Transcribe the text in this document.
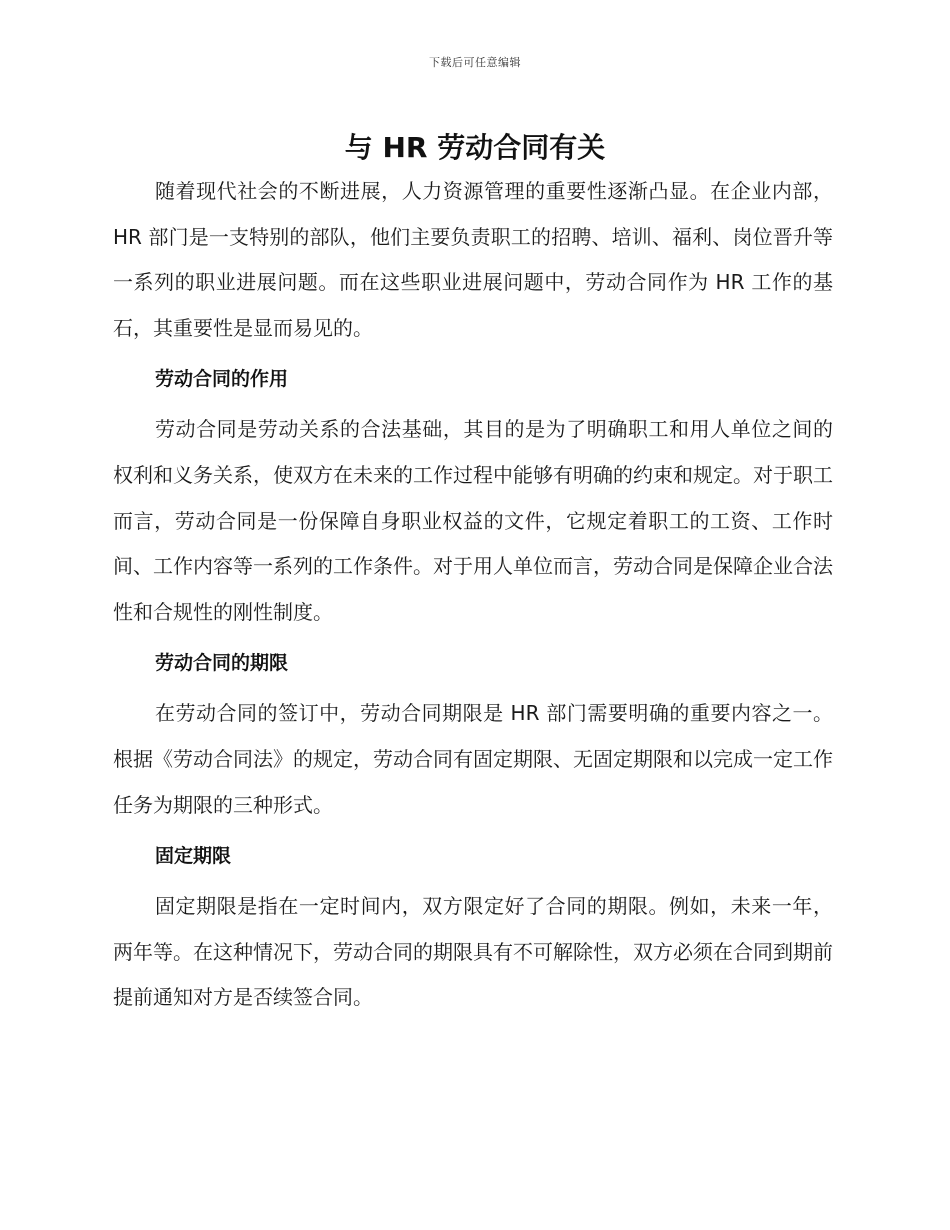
下载后可任意编辑
与 HR 劳动合同有关

随着现代社会的不断进展，人力资源管理的重要性逐渐凸显。在企业内部，HR 部门是一支特别的部队，他们主要负责职工的招聘、培训、福利、岗位晋升等一系列的职业进展问题。而在这些职业进展问题中，劳动合同作为 HR 工作的基石，其重要性是显而易见的。

劳动合同的作用

劳动合同是劳动关系的合法基础，其目的是为了明确职工和用人单位之间的权利和义务关系，使双方在未来的工作过程中能够有明确的约束和规定。对于职工而言，劳动合同是一份保障自身职业权益的文件，它规定着职工的工资、工作时间、工作内容等一系列的工作条件。对于用人单位而言，劳动合同是保障企业合法性和合规性的刚性制度。

劳动合同的期限

在劳动合同的签订中，劳动合同期限是 HR 部门需要明确的重要内容之一。根据《劳动合同法》的规定，劳动合同有固定期限、无固定期限和以完成一定工作任务为期限的三种形式。

固定期限

固定期限是指在一定时间内，双方限定好了合同的期限。例如，未来一年，两年等。在这种情况下，劳动合同的期限具有不可解除性，双方必须在合同到期前提前通知对方是否续签合同。
